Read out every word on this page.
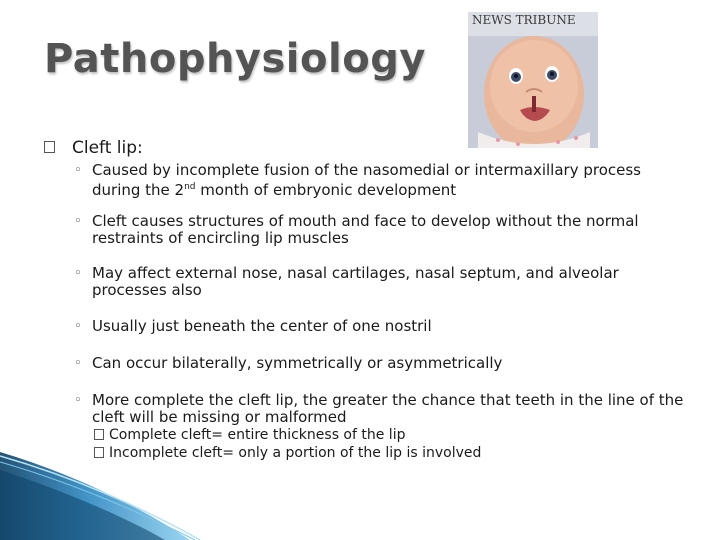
Pathophysiology
NEWS TRIBUNE
Cleft lip:
◦ Caused by incomplete fusion of the nasomedial or intermaxillary process during the 2nd month of embryonic development
◦ Cleft causes structures of mouth and face to develop without the normal restraints of encircling lip muscles
◦ May affect external nose, nasal cartilages, nasal septum, and alveolar processes also
◦ Usually just beneath the center of one nostril
◦ Can occur bilaterally, symmetrically or asymmetrically
◦ More complete the cleft lip, the greater the chance that teeth in the line of the cleft will be missing or malformed
Complete cleft= entire thickness of the lip
Incomplete cleft= only a portion of the lip is involved
